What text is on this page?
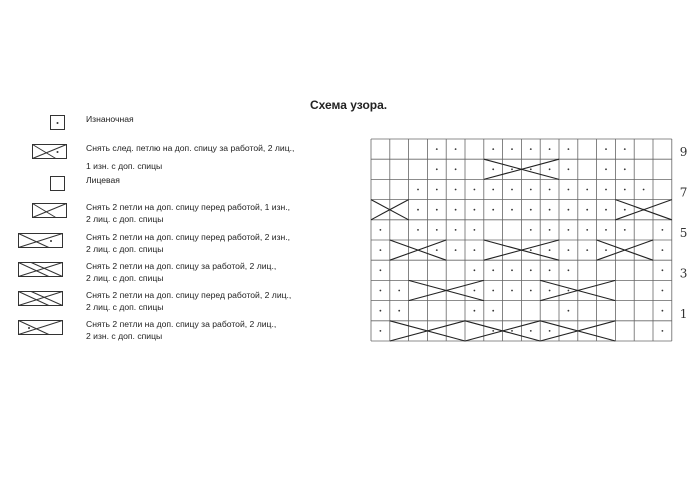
Схема узора.
Изнаночная
Снять след. петлю на доп. спицу за работой, 2 лиц.,
1 изн. с доп. спицы
Лицевая
Снять 2 петли на доп. спицу перед работой, 1 изн.,
2 лиц. с доп. спицы
Снять 2 петли на доп. спицу перед работой, 2 изн.,
2 лиц. с доп. спицы
Снять 2 петли на доп. спицу за работой, 2 лиц.,
2 лиц. с доп. спицы
Снять 2 петли на доп. спицу перед работой, 2 лиц.,
2 лиц. с доп. спицы
Снять 2 петли на доп. спицу за работой, 2 лиц.,
2 изн. с доп. спицы
9
7
5
3
1
